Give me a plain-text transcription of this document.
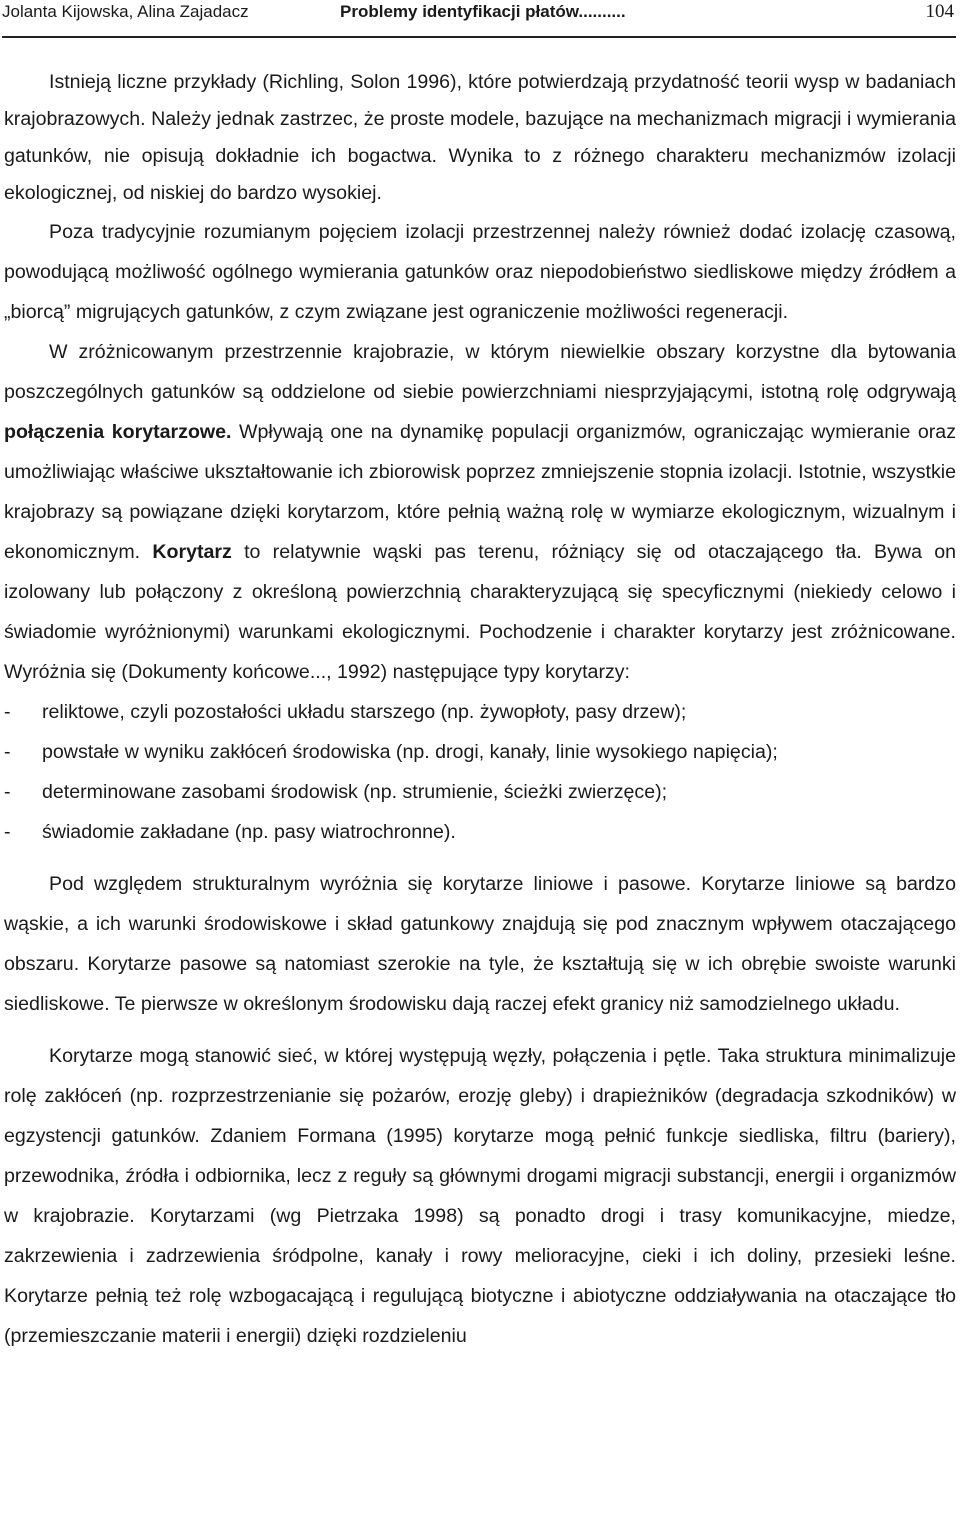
Jolanta Kijowska, Alina Zajadacz	Problemy identyfikacji płatów..........	104

Istnieją liczne przykłady (Richling, Solon 1996), które potwierdzają przydatność teorii wysp w badaniach krajobrazowych. Należy jednak zastrzec, że proste modele, bazujące na mechanizmach migracji i wymierania gatunków, nie opisują dokładnie ich bogactwa. Wynika to z różnego charakteru mechanizmów izolacji ekologicznej, od niskiej do bardzo wysokiej.

Poza tradycyjnie rozumianym pojęciem izolacji przestrzennej należy również dodać izolację czasową, powodującą możliwość ogólnego wymierania gatunków oraz niepodobieństwo siedliskowe między źródłem a „biorcą” migrujących gatunków, z czym związane jest ograniczenie możliwości regeneracji.

W zróżnicowanym przestrzennie krajobrazie, w którym niewielkie obszary korzystne dla bytowania poszczególnych gatunków są oddzielone od siebie powierzchniami niesprzyjającymi, istotną rolę odgrywają połączenia korytarzowe. Wpływają one na dynamikę populacji organizmów, ograniczając wymieranie oraz umożliwiając właściwe ukształtowanie ich zbiorowisk poprzez zmniejszenie stopnia izolacji. Istotnie, wszystkie krajobrazy są powiązane dzięki korytarzom, które pełnią ważną rolę w wymiarze ekologicznym, wizualnym i ekonomicznym. Korytarz to relatywnie wąski pas terenu, różniący się od otaczającego tła. Bywa on izolowany lub połączony z określoną powierzchnią charakteryzującą się specyficznymi (niekiedy celowo i świadomie wyróżnionymi) warunkami ekologicznymi. Pochodzenie i charakter korytarzy jest zróżnicowane. Wyróżnia się (Dokumenty końcowe..., 1992) następujące typy korytarzy:

- reliktowe, czyli pozostałości układu starszego (np. żywopłoty, pasy drzew);
- powstałe w wyniku zakłóceń środowiska (np. drogi, kanały, linie wysokiego napięcia);
- determinowane zasobami środowisk (np. strumienie, ścieżki zwierzęce);
- świadomie zakładane (np. pasy wiatrochronne).

Pod względem strukturalnym wyróżnia się korytarze liniowe i pasowe. Korytarze liniowe są bardzo wąskie, a ich warunki środowiskowe i skład gatunkowy znajdują się pod znacznym wpływem otaczającego obszaru. Korytarze pasowe są natomiast szerokie na tyle, że kształtują się w ich obrębie swoiste warunki siedliskowe. Te pierwsze w określonym środowisku dają raczej efekt granicy niż samodzielnego układu.

Korytarze mogą stanowić sieć, w której występują węzły, połączenia i pętle. Taka struktura minimalizuje rolę zakłóceń (np. rozprzestrzenianie się pożarów, erozję gleby) i drapieżników (degradacja szkodników) w egzystencji gatunków. Zdaniem Formana (1995) korytarze mogą pełnić funkcje siedliska, filtru (bariery), przewodnika, źródła i odbiornika, lecz z reguły są głównymi drogami migracji substancji, energii i organizmów w krajobrazie. Korytarzami (wg Pietrzaka 1998) są ponadto drogi i trasy komunikacyjne, miedze, zakrzewienia i zadrzewienia śródpolne, kanały i rowy melioracyjne, cieki i ich doliny, przesieki leśne. Korytarze pełnią też rolę wzbogacającą i regulującą biotyczne i abiotyczne oddziaływania na otaczające tło (przemieszczanie materii i energii) dzięki rozdzieleniu
